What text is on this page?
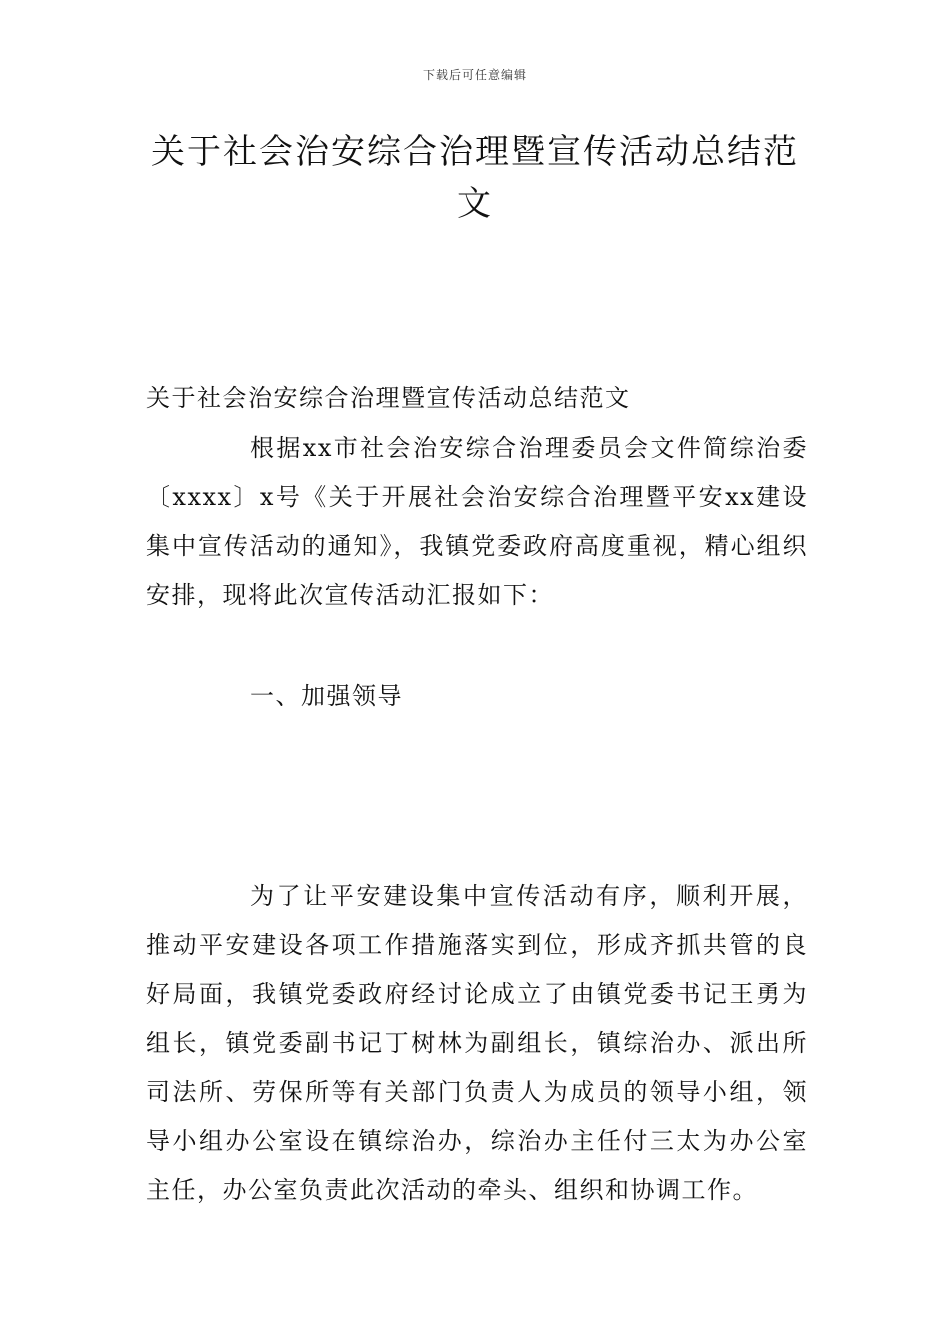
下载后可任意编辑
关于社会治安综合治理暨宣传活动总结范文

关于社会治安综合治理暨宣传活动总结范文

根据xx市社会治安综合治理委员会文件简综治委〔xxxx〕x号《关于开展社会治安综合治理暨平安xx建设集中宣传活动的通知》，我镇党委政府高度重视，精心组织安排，现将此次宣传活动汇报如下：

一、加强领导

为了让平安建设集中宣传活动有序，顺利开展，推动平安建设各项工作措施落实到位，形成齐抓共管的良好局面，我镇党委政府经讨论成立了由镇党委书记王勇为组长，镇党委副书记丁树林为副组长，镇综治办、派出所司法所、劳保所等有关部门负责人为成员的领导小组，领导小组办公室设在镇综治办，综治办主任付三太为办公室主任，办公室负责此次活动的牵头、组织和协调工作。
